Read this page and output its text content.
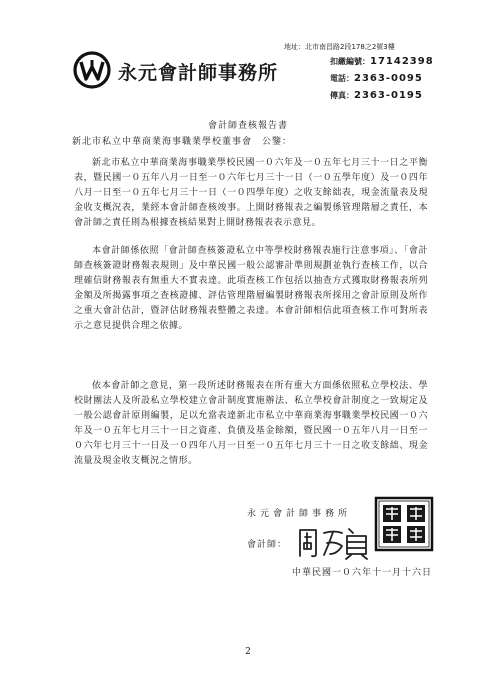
永元會計師事務所
地址：北市南昌路2段178之2號3樓
扣繳編號：17142398
電話：2363-0095
傳真：2363-0195
會計師查核報告書
新北市私立中華商業海事職業學校董事會　公鑒：

新北市私立中華商業海事職業學校民國一０六年及一０五年七月三十一日之平衡表，暨民國一０五年八月一日至一０六年七月三十一日（一０五學年度）及一０四年八月一日至一０五年七月三十一日（一０四學年度）之收支餘絀表，現金流量表及現金收支概況表，業經本會計師查核竣事。上開財務報表之編製係管理階層之責任，本會計師之責任則為根據查核結果對上開財務報表表示意見。

本會計師係依照「會計師查核簽證私立中等學校財務報表施行注意事項」、「會計師查核簽證財務報表規則」及中華民國一般公認審計準則規劃並執行查核工作，以合理確信財務報表有無重大不實表達。此項查核工作包括以抽查方式獲取財務報表所列金額及所揭露事項之查核證據、評估管理階層編製財務報表所採用之會計原則及所作之重大會計估計，暨評估財務報表整體之表達。本會計師相信此項查核工作可對所表示之意見提供合理之依據。

依本會計師之意見，第一段所述財務報表在所有重大方面係依照私立學校法、學校財團法人及所設私立學校建立會計制度實施辦法、私立學校會計制度之一致規定及一般公認會計原則編製，足以允當表達新北市私立中華商業海事職業學校民國一０六年及一０五年七月三十一日之資產、負債及基金餘額，暨民國一０五年八月一日至一０六年七月三十一日及一０四年八月一日至一０五年七月三十一日之收支餘絀、現金流量及現金收支概況之情形。

永元會計師事務所
會計師：
中華民國一０六年十一月十六日
2
